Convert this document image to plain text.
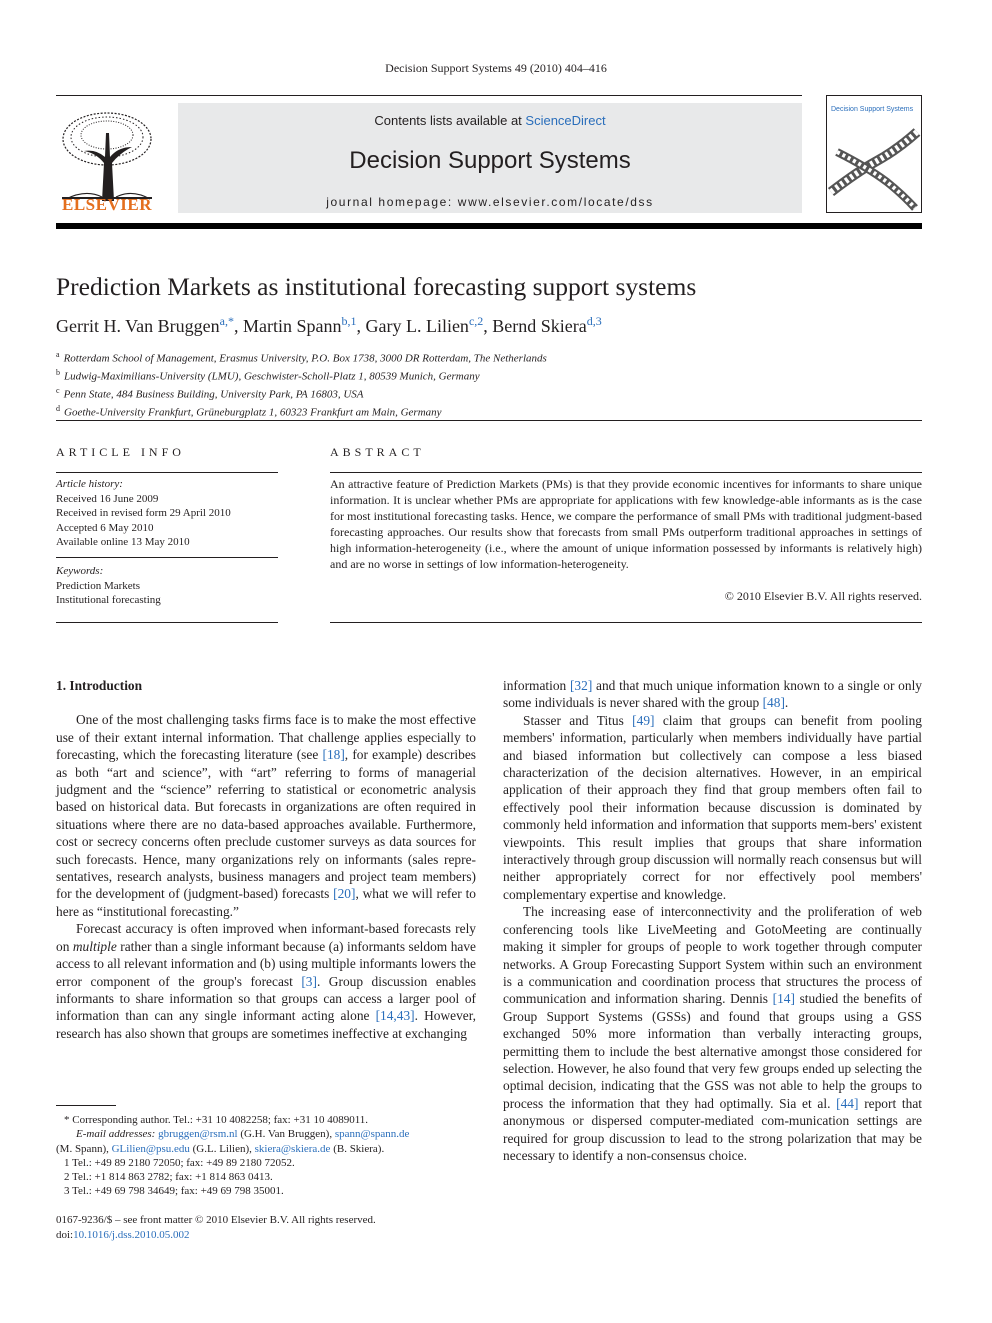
Decision Support Systems 49 (2010) 404–416
ELSEVIER
Contents lists available at ScienceDirect
Decision Support Systems
journal homepage: www.elsevier.com/locate/dss
Decision Support Systems
Prediction Markets as institutional forecasting support systems
Gerrit H. Van Bruggen$^{a,*}$, Martin Spann$^{b,1}$, Gary L. Lilien$^{c,2}$, Bernd Skiera$^{d,3}$
$^a$ Rotterdam School of Management, Erasmus University, P.O. Box 1738, 3000 DR Rotterdam, The Netherlands
$^b$ Ludwig-Maximilians-University (LMU), Geschwister-Scholl-Platz 1, 80539 Munich, Germany
$^c$ Penn State, 484 Business Building, University Park, PA 16803, USA
$^d$ Goethe-University Frankfurt, Grüneburgplatz 1, 60323 Frankfurt am Main, Germany
ARTICLE INFO	ABSTRACT
Article history:
Received 16 June 2009
Received in revised form 29 April 2010
Accepted 6 May 2010
Available online 13 May 2010
Keywords:
Prediction Markets
Institutional forecasting
An attractive feature of Prediction Markets (PMs) is that they provide economic incentives for informants to share unique information. It is unclear whether PMs are appropriate for applications with few knowledge-able informants as is the case for most institutional forecasting tasks. Hence, we compare the performance of small PMs with traditional judgment-based forecasting approaches. Our results show that forecasts from small PMs outperform traditional approaches in settings of high information-heterogeneity (i.e., where the amount of unique information possessed by informants is relatively high) and are no worse in settings of low information-heterogeneity.
© 2010 Elsevier B.V. All rights reserved.

1. Introduction

One of the most challenging tasks firms face is to make the most effective use of their extant internal information. That challenge applies especially to forecasting, which the forecasting literature (see [18], for example) describes as both “art and science”, with “art” referring to forms of managerial judgment and the “science” referring to statistical or econometric analysis based on historical data. But forecasts in organizations are often required in situations where there are no data-based approaches available. Furthermore, cost or secrecy concerns often preclude customer surveys as data sources for such forecasts. Hence, many organizations rely on informants (sales repre-sentatives, research analysts, business managers and project team members) for the development of (judgment-based) forecasts [20], what we will refer to here as “institutional forecasting.”

Forecast accuracy is often improved when informant-based forecasts rely on multiple rather than a single informant because (a) informants seldom have access to all relevant information and (b) using multiple informants lowers the error component of the group's forecast [3]. Group discussion enables informants to share information so that groups can access a larger pool of information than can any single informant acting alone [14,43]. However, research has also shown that groups are sometimes ineffective at exchanging

information [32] and that much unique information known to a single or only some individuals is never shared with the group [48].

Stasser and Titus [49] claim that groups can benefit from pooling members' information, particularly when members individually have partial and biased information but collectively can compose a less biased characterization of the decision alternatives. However, in an empirical application of their approach they find that group members often fail to effectively pool their information because discussion is dominated by commonly held information and information that supports mem-bers' existent viewpoints. This result implies that groups that share information interactively through group discussion will normally reach consensus but will neither appropriately correct for nor effectively pool members' complementary expertise and knowledge.

The increasing ease of interconnectivity and the proliferation of web conferencing tools like LiveMeeting and GotoMeeting are continually making it simpler for groups of people to work together through computer networks. A Group Forecasting Support System within such an environment is a communication and coordination process that structures the process of communication and information sharing. Dennis [14] studied the benefits of Group Support Systems (GSSs) and found that groups using a GSS exchanged 50% more information than verbally interacting groups, permitting them to include the best alternative amongst those considered for selection. However, he also found that very few groups ended up selecting the optimal decision, indicating that the GSS was not able to help the groups to process the information that they had optimally. Sia et al. [44] report that anonymous or dispersed computer-mediated com-munication settings are required for group discussion to lead to the strong polarization that may be necessary to identify a non-consensus choice.

* Corresponding author. Tel.: +31 10 4082258; fax: +31 10 4089011.
E-mail addresses: gbruggen@rsm.nl (G.H. Van Bruggen), spann@spann.de
(M. Spann), GLilien@psu.edu (G.L. Lilien), skiera@skiera.de (B. Skiera).
1 Tel.: +49 89 2180 72050; fax: +49 89 2180 72052.
2 Tel.: +1 814 863 2782; fax: +1 814 863 0413.
3 Tel.: +49 69 798 34649; fax: +49 69 798 35001.
0167-9236/$ – see front matter © 2010 Elsevier B.V. All rights reserved.
doi:10.1016/j.dss.2010.05.002
